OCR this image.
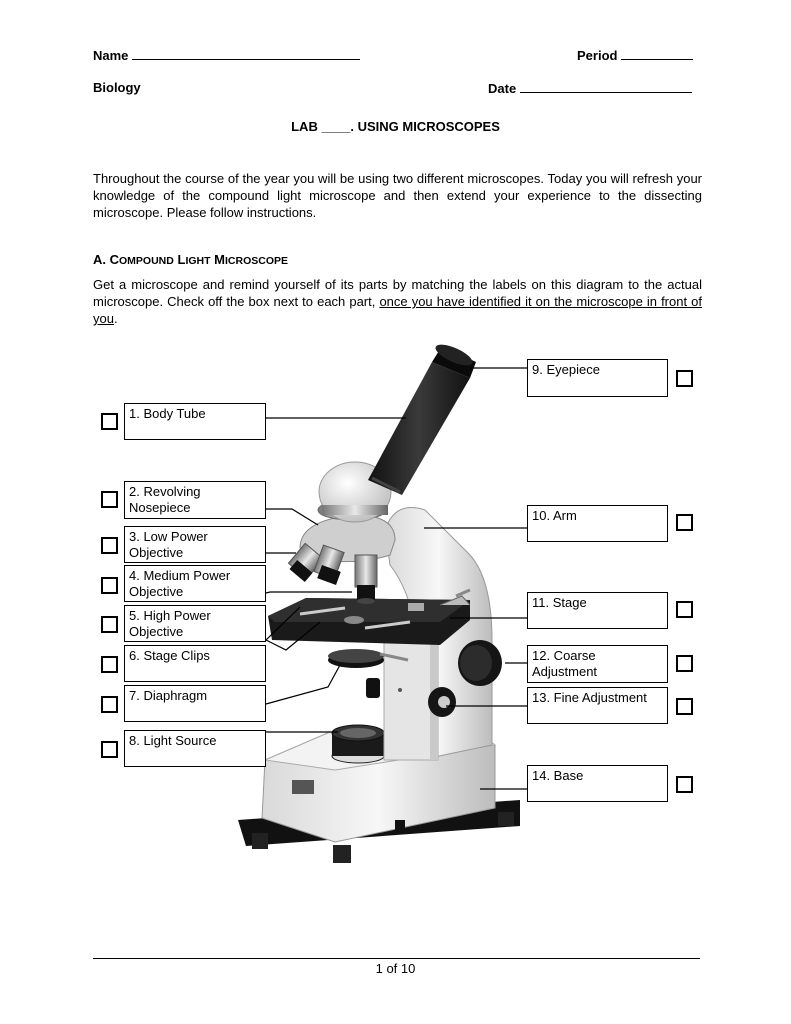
Name	Period
Biology	Date
LAB ____. USING MICROSCOPES
Throughout the course of the year you will be using two different microscopes. Today you will refresh your knowledge of the compound light microscope and then extend your experience to the dissecting microscope. Please follow instructions.
A. COMPOUND LIGHT MICROSCOPE
Get a microscope and remind yourself of its parts by matching the labels on this diagram to the actual microscope. Check off the box next to each part, once you have identified it on the microscope in front of you.
1. Body Tube
2. Revolving
Nosepiece
3. Low Power
Objective
4. Medium Power
Objective
5. High Power
Objective
6. Stage Clips
7. Diaphragm
8. Light Source
9. Eyepiece
10. Arm
11. Stage
12. Coarse
Adjustment
13. Fine Adjustment
14. Base
1 of 10
